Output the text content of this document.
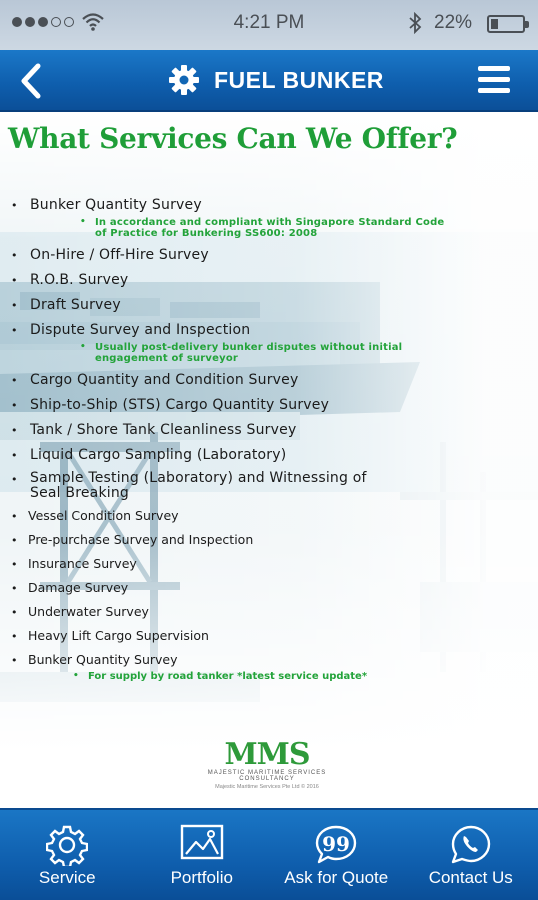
4:21 PM	22%
FUEL BUNKER
What Services Can We Offer?
• Bunker Quantity Survey
• In accordance and compliant with Singapore Standard Code of Practice for Bunkering SS600: 2008
• On-Hire / Off-Hire Survey
• R.O.B. Survey
• Draft Survey
• Dispute Survey and Inspection
• Usually post-delivery bunker disputes without initial engagement of surveyor
• Cargo Quantity and Condition Survey
• Ship-to-Ship (STS) Cargo Quantity Survey
• Tank / Shore Tank Cleanliness Survey
• Liquid Cargo Sampling (Laboratory)
• Sample Testing (Laboratory) and Witnessing of Seal Breaking
• Vessel Condition Survey
• Pre-purchase Survey and Inspection
• Insurance Survey
• Damage Survey
• Underwater Survey
• Heavy Lift Cargo Supervision
• Bunker Quantity Survey
• For supply by road tanker *latest service update*
MMS
MAJESTIC MARITIME SERVICES CONSULTANCY
Majestic Maritime Services Pte Ltd © 2016
Service	Portfolio
99
Ask for Quote	Contact Us
